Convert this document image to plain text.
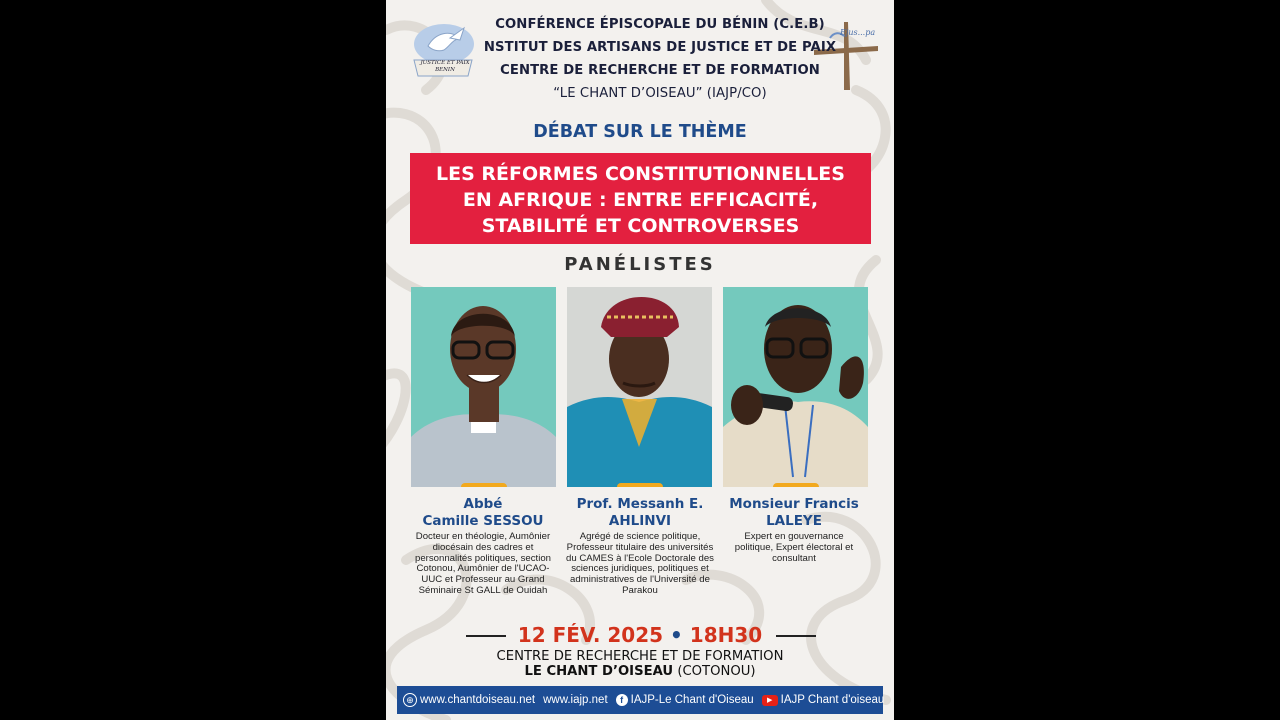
JUSTICE ET PAIX BENIN
Ejus...pa
CONFÉRENCE ÉPISCOPALE DU BÉNIN (C.E.B)
NSTITUT DES ARTISANS DE JUSTICE ET DE PAIX
CENTRE DE RECHERCHE ET DE FORMATION
“LE CHANT D’OISEAU” (IAJP/CO)
DÉBAT SUR LE THÈME
LES RÉFORMES CONSTITUTIONNELLES
EN AFRIQUE : ENTRE EFFICACITÉ,
STABILITÉ ET CONTROVERSES
PANÉLISTES
Abbé
Camille SESSOU
Prof. Messanh E.
AHLINVI
Monsieur Francis
LALEYE
Docteur en théologie, Aumônier diocésain des cadres et personnalités politiques, section Cotonou, Aumônier de l'UCAO- UUC et Professeur au Grand Séminaire St GALL de Ouidah
Agrégé de science politique, Professeur titulaire des universités du CAMES à l'Ecole Doctorale des sciences juridiques, politiques et administratives de l'Université de Parakou
Expert en gouvernance politique, Expert électoral et consultant
12 FÉV. 2025 • 18H30
CENTRE DE RECHERCHE ET DE FORMATION
LE CHANT D’OISEAU (COTONOU)
⊕ www.chantdoiseau.net www.iajp.net	f IAJP-Le Chant d'Oiseau	▶ IAJP Chant d'oiseau
